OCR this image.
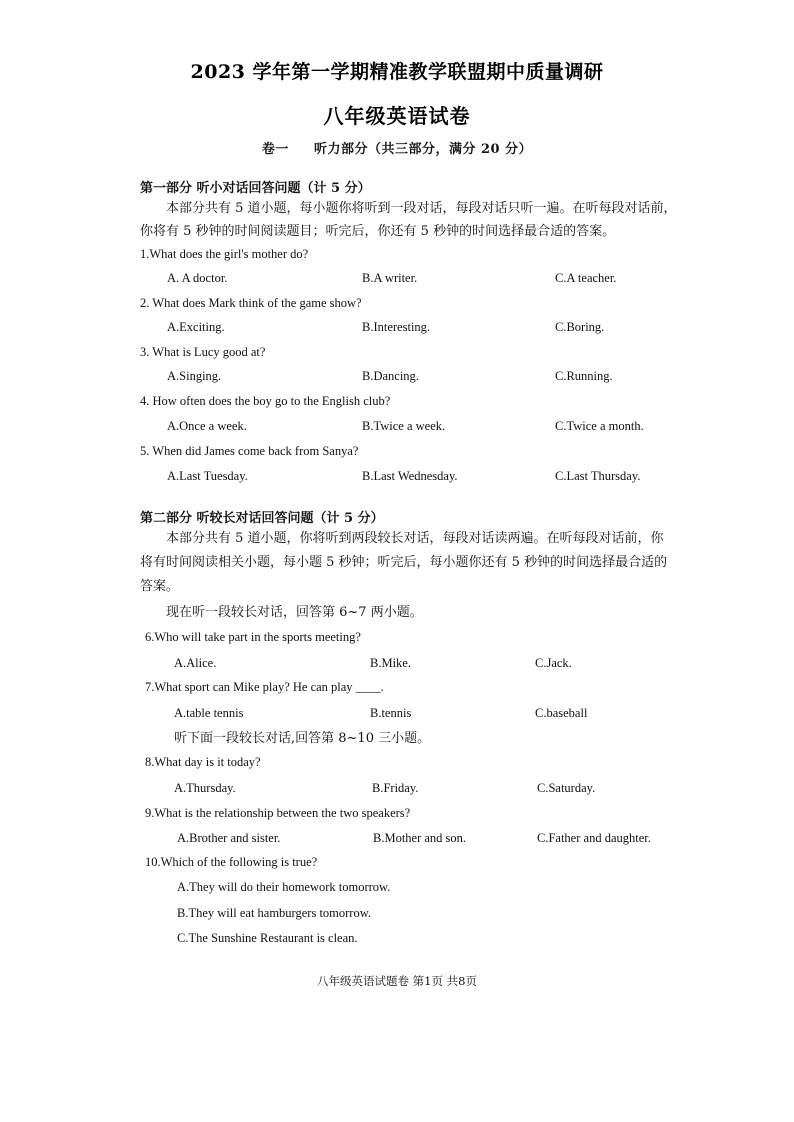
2023 学年第一学期精准教学联盟期中质量调研
八年级英语试卷
卷一 听力部分（共三部分，满分 20 分）
第一部分 听小对话回答问题（计 5 分）
本部分共有 5 道小题，每小题你将听到一段对话，每段对话只听一遍。在听每段对话前，
你将有 5 秒钟的时间阅读题目；听完后，你还有 5 秒钟的时间选择最合适的答案。
1.What does the girl's mother do?
A. A doctor.	B.A writer.	C.A teacher.
2. What does Mark think of the game show?
A.Exciting.	B.Interesting.	C.Boring.
3. What is Lucy good at?
A.Singing.	B.Dancing.	C.Running.
4. How often does the boy go to the English club?
A.Once a week.	B.Twice a week.	C.Twice a month.
5. When did James come back from Sanya?
A.Last Tuesday.	B.Last Wednesday.	C.Last Thursday.
第二部分 听较长对话回答问题（计 5 分）
本部分共有 5 道小题，你将听到两段较长对话，每段对话读两遍。在听每段对话前，你
将有时间阅读相关小题，每小题 5 秒钟；听完后，每小题你还有 5 秒钟的时间选择最合适的
答案。
现在听一段较长对话，回答第 6~7 两小题。
6.Who will take part in the sports meeting?
A.Alice.	B.Mike.	C.Jack.
7.What sport can Mike play? He can play ____.
A.table tennis	B.tennis	C.baseball
听下面一段较长对话,回答第 8~10 三小题。
8.What day is it today?
A.Thursday.	B.Friday.	C.Saturday.
9.What is the relationship between the two speakers?
A.Brother and sister.	B.Mother and son.	C.Father and daughter.
10.Which of the following is true?
A.They will do their homework tomorrow.
B.They will eat hamburgers tomorrow.
C.The Sunshine Restaurant is clean.
八年级英语试题卷 第1页 共8页
